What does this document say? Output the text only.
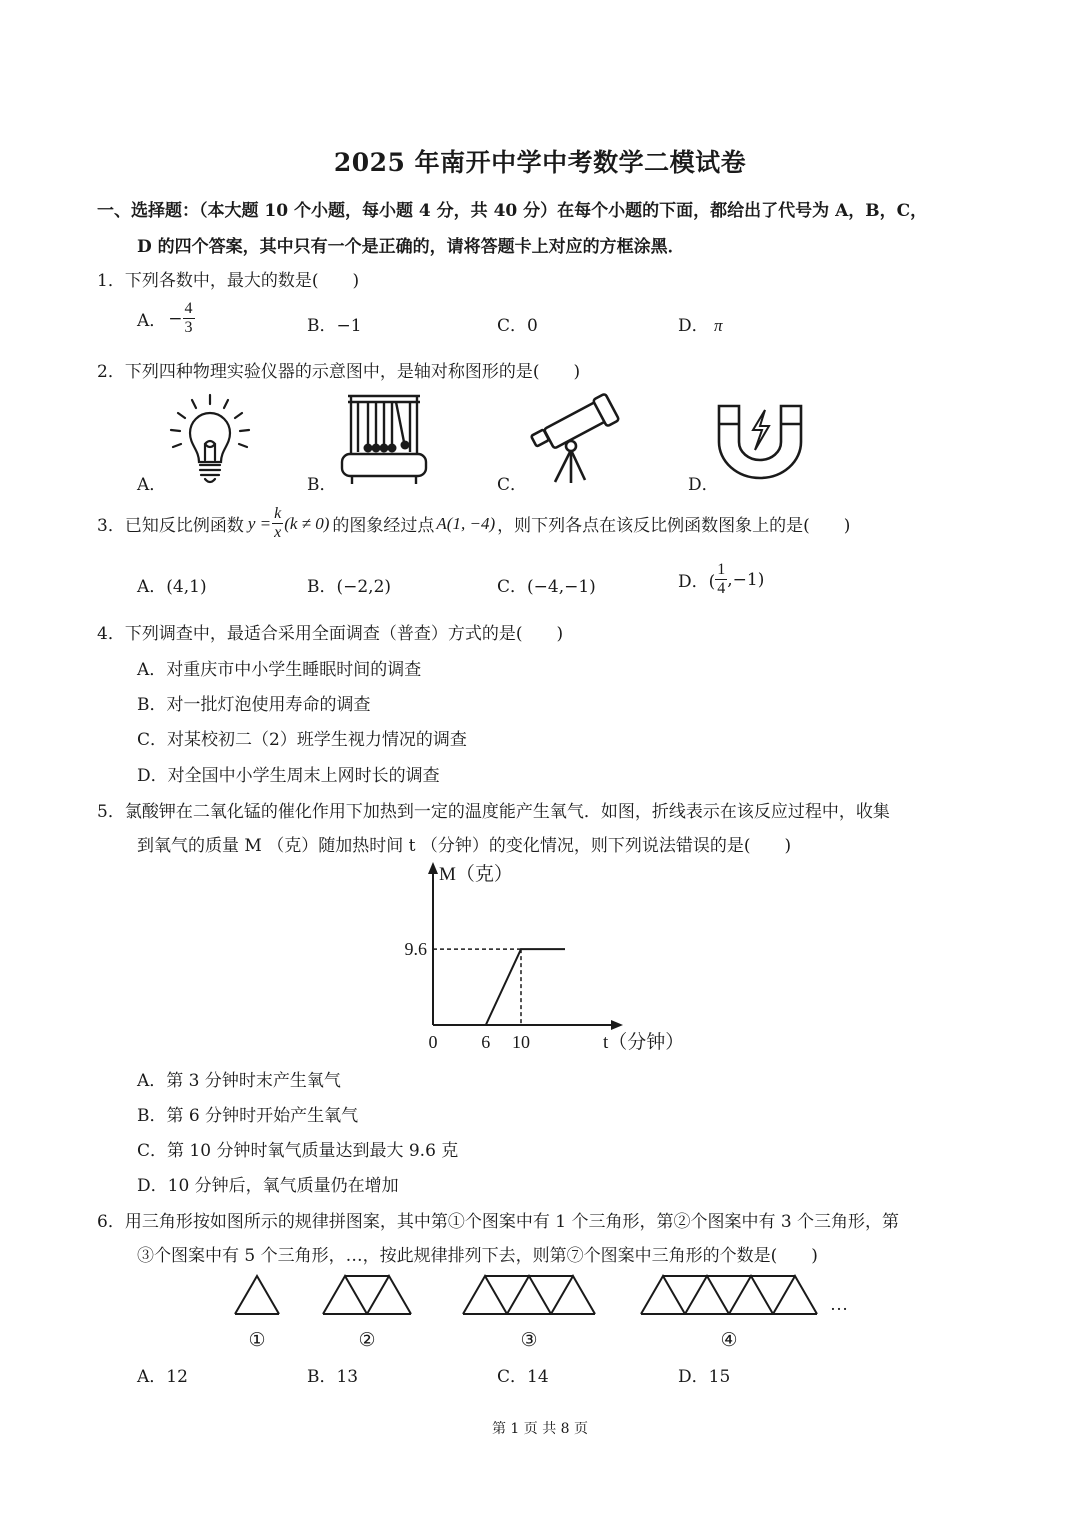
2025 年南开中学中考数学二模试卷
一、选择题：（本大题 10 个小题，每小题 4 分，共 40 分）在每个小题的下面，都给出了代号为 A，B，C，
D 的四个答案，其中只有一个是正确的，请将答题卡上对应的方框涂黑．
1．下列各数中，最大的数是(　　)
A． − $\frac{4}{3}$	B．−1	C．0	D． π
2．下列四种物理实验仪器的示意图中，是轴对称图形的是(　　)
A．	B．	C．	D．
3．已知反比例函数 $y = \frac{k}{x} (k \ne 0)$ 的图象经过点 A(1, −4) ，则下列各点在该反比例函数图象上的是(　　)
A．(4,1)	B．(−2,2)	C．(−4,−1)	D．( $\frac{1}{4} ,-1$)
4．下列调查中，最适合采用全面调查（普查）方式的是(　　)
A．对重庆市中小学生睡眠时间的调查
B．对一批灯泡使用寿命的调查
C．对某校初二（2）班学生视力情况的调查
D．对全国中小学生周末上网时长的调查
5．氯酸钾在二氧化锰的催化作用下加热到一定的温度能产生氧气．如图，折线表示在该反应过程中，收集
到氧气的质量 M （克）随加热时间 t （分钟）的变化情况，则下列说法错误的是(　　)
M（克）
t（分钟）
9.6
0 6 10
A．第 3 分钟时末产生氧气
B．第 6 分钟时开始产生氧气
C．第 10 分钟时氧气质量达到最大 9.6 克
D．10 分钟后，氧气质量仍在增加
6．用三角形按如图所示的规律拼图案，其中第①个图案中有 1 个三角形，第②个图案中有 3 个三角形，第
③个图案中有 5 个三角形，…，按此规律排列下去，则第⑦个图案中三角形的个数是(　　)
①	②	③	④
…
A．12	B．13	C．14	D．15
第 1 页 共 8 页
